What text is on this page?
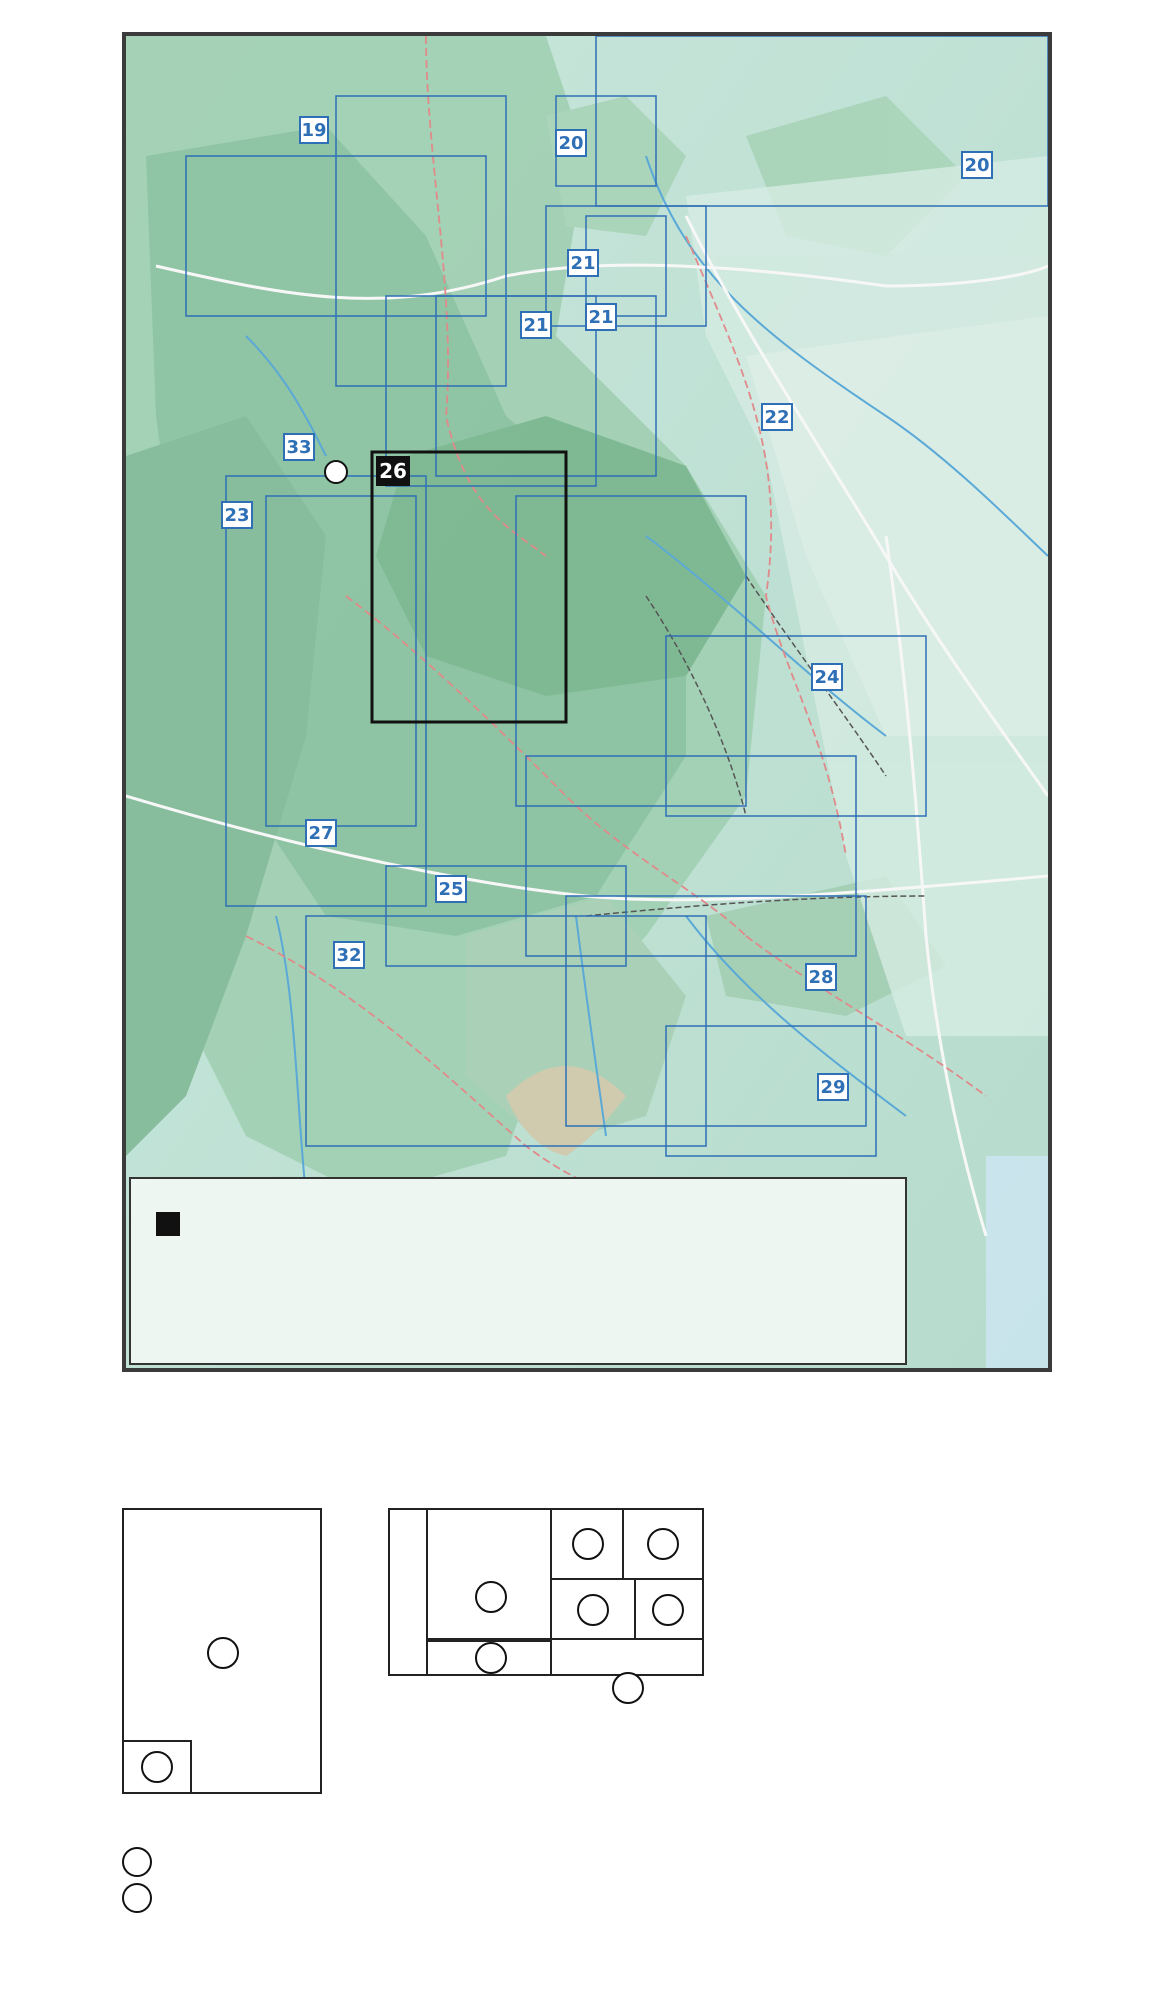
19
20
20
21
21 21
22
23
24
25
27
28
29
32
33
26
